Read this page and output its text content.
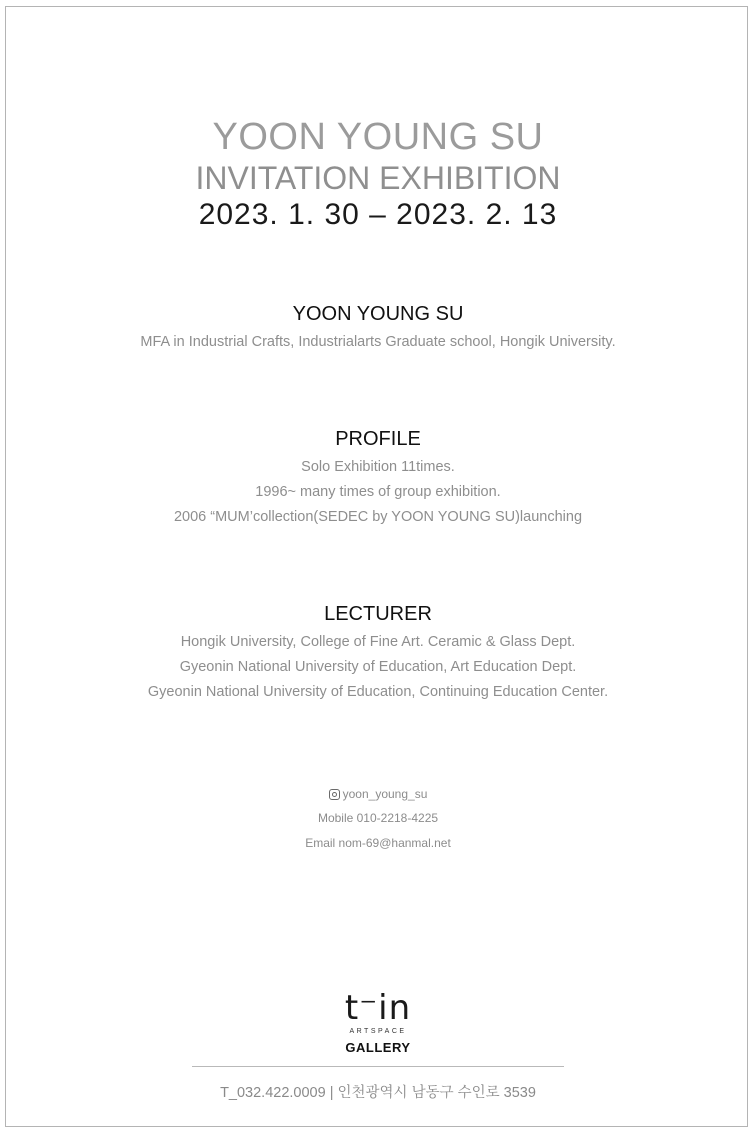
YOON YOUNG SU
INVITATION EXHIBITION
2023. 1. 30 – 2023. 2. 13
YOON YOUNG SU
MFA in Industrial Crafts, Industrialarts Graduate school, Hongik University.
PROFILE
Solo Exhibition 11times.
1996~ many times of group exhibition.
2006 “MUM’collection(SEDEC by YOON YOUNG SU)launching
LECTURER
Hongik University, College of Fine Art. Ceramic & Glass Dept.
Gyeonin National University of Education, Art Education Dept.
Gyeonin National University of Education, Continuing Education Center.
yoon_young_su
Mobile 010-2218-4225
Email nom-69@hanmal.net
t⁻in
ARTSPACE
GALLERY
T_032.422.0009 | 인천광역시 남동구 수인로 3539
